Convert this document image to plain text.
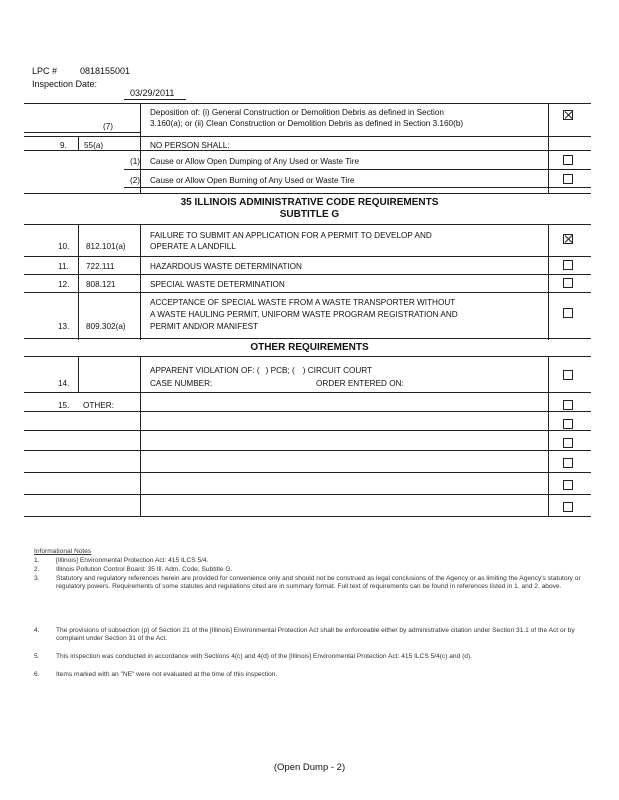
LPC #	0818155001
Inspection Date:
03/29/2011
(7)
Deposition of: (i) General Construction or Demolition Debris as defined in Section
3.160(a); or (ii) Clean Construction or Demolition Debris as defined in Section 3.160(b)
9. 55(a)	NO PERSON SHALL:
(1) Cause or Allow Open Dumping of Any Used or Waste Tire
(2) Cause or Allow Open Burning of Any Used or Waste Tire
35 ILLINOIS ADMINISTRATIVE CODE REQUIREMENTS
SUBTITLE G
10. 812.101(a)
FAILURE TO SUBMIT AN APPLICATION FOR A PERMIT TO DEVELOP AND
OPERATE A LANDFILL
11. 722.111	HAZARDOUS WASTE DETERMINATION
12. 808.121	SPECIAL WASTE DETERMINATION
13. 809.302(a)
ACCEPTANCE OF SPECIAL WASTE FROM A WASTE TRANSPORTER WITHOUT
A WASTE HAULING PERMIT, UNIFORM WASTE PROGRAM REGISTRATION AND
PERMIT AND/OR MANIFEST
OTHER REQUIREMENTS
14.
APPARENT VIOLATION OF: ( ) PCB; ( ) CIRCUIT COURT
CASE NUMBER:	ORDER ENTERED ON:
15. OTHER:
Informational Notes
1.	[Illinois] Environmental Protection Act: 415 ILCS 5/4.
2.	Illinois Pollution Control Board: 35 Ill. Adm. Code, Subtitle G.
3.	Statutory and regulatory references herein are provided for convenience only and should not be construed as legal conclusions of the Agency or as limiting the Agency's statutory or regulatory powers. Requirements of some statutes and regulations cited are in summary format. Full text of requirements can be found in references listed in 1. and 2. above.
4.	The provisions of subsection (p) of Section 21 of the [Illinois] Environmental Protection Act shall be enforceable either by administrative citation under Section 31.1 of the Act or by complaint under Section 31 of the Act.
5.	This inspection was conducted in accordance with Sections 4(c) and 4(d) of the [Illinois] Environmental Protection Act: 415 ILCS 5/4(c) and (d).
6.	Items marked with an "NE" were not evaluated at the time of this inspection.
(Open Dump - 2)
